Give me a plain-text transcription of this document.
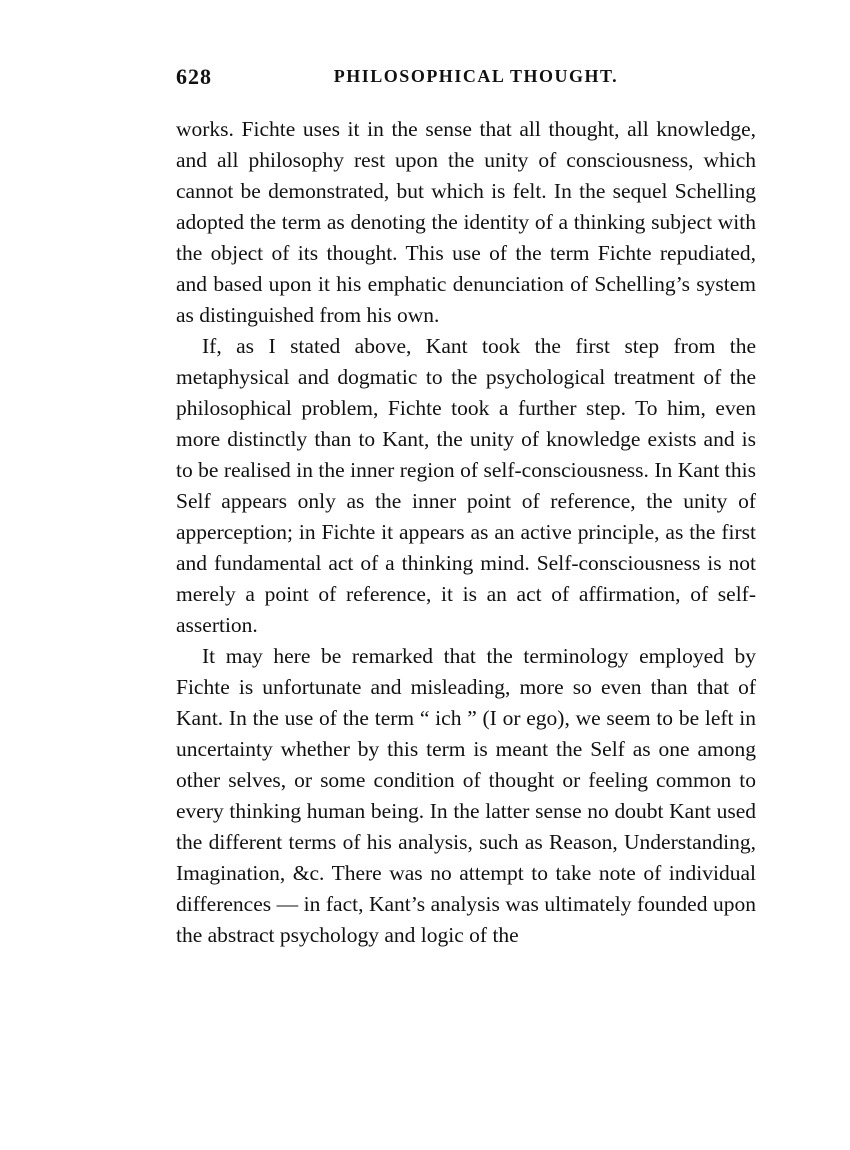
628	PHILOSOPHICAL THOUGHT.

works. Fichte uses it in the sense that all thought, all knowledge, and all philosophy rest upon the unity of consciousness, which cannot be demonstrated, but which is felt. In the sequel Schelling adopted the term as denoting the identity of a thinking subject with the object of its thought. This use of the term Fichte repudiated, and based upon it his emphatic denunciation of Schelling’s system as distinguished from his own.

If, as I stated above, Kant took the first step from the metaphysical and dogmatic to the psychological treatment of the philosophical problem, Fichte took a further step. To him, even more distinctly than to Kant, the unity of knowledge exists and is to be realised in the inner region of self-consciousness. In Kant this Self appears only as the inner point of reference, the unity of apperception; in Fichte it appears as an active principle, as the first and fundamental act of a thinking mind. Self-consciousness is not merely a point of reference, it is an act of affirmation, of self-assertion.

It may here be remarked that the terminology employed by Fichte is unfortunate and misleading, more so even than that of Kant. In the use of the term “ ich ” (I or ego), we seem to be left in uncertainty whether by this term is meant the Self as one among other selves, or some condition of thought or feeling common to every thinking human being. In the latter sense no doubt Kant used the different terms of his analysis, such as Reason, Understanding, Imagination, &c. There was no attempt to take note of individual differences — in fact, Kant’s analysis was ultimately founded upon the abstract psychology and logic of the
